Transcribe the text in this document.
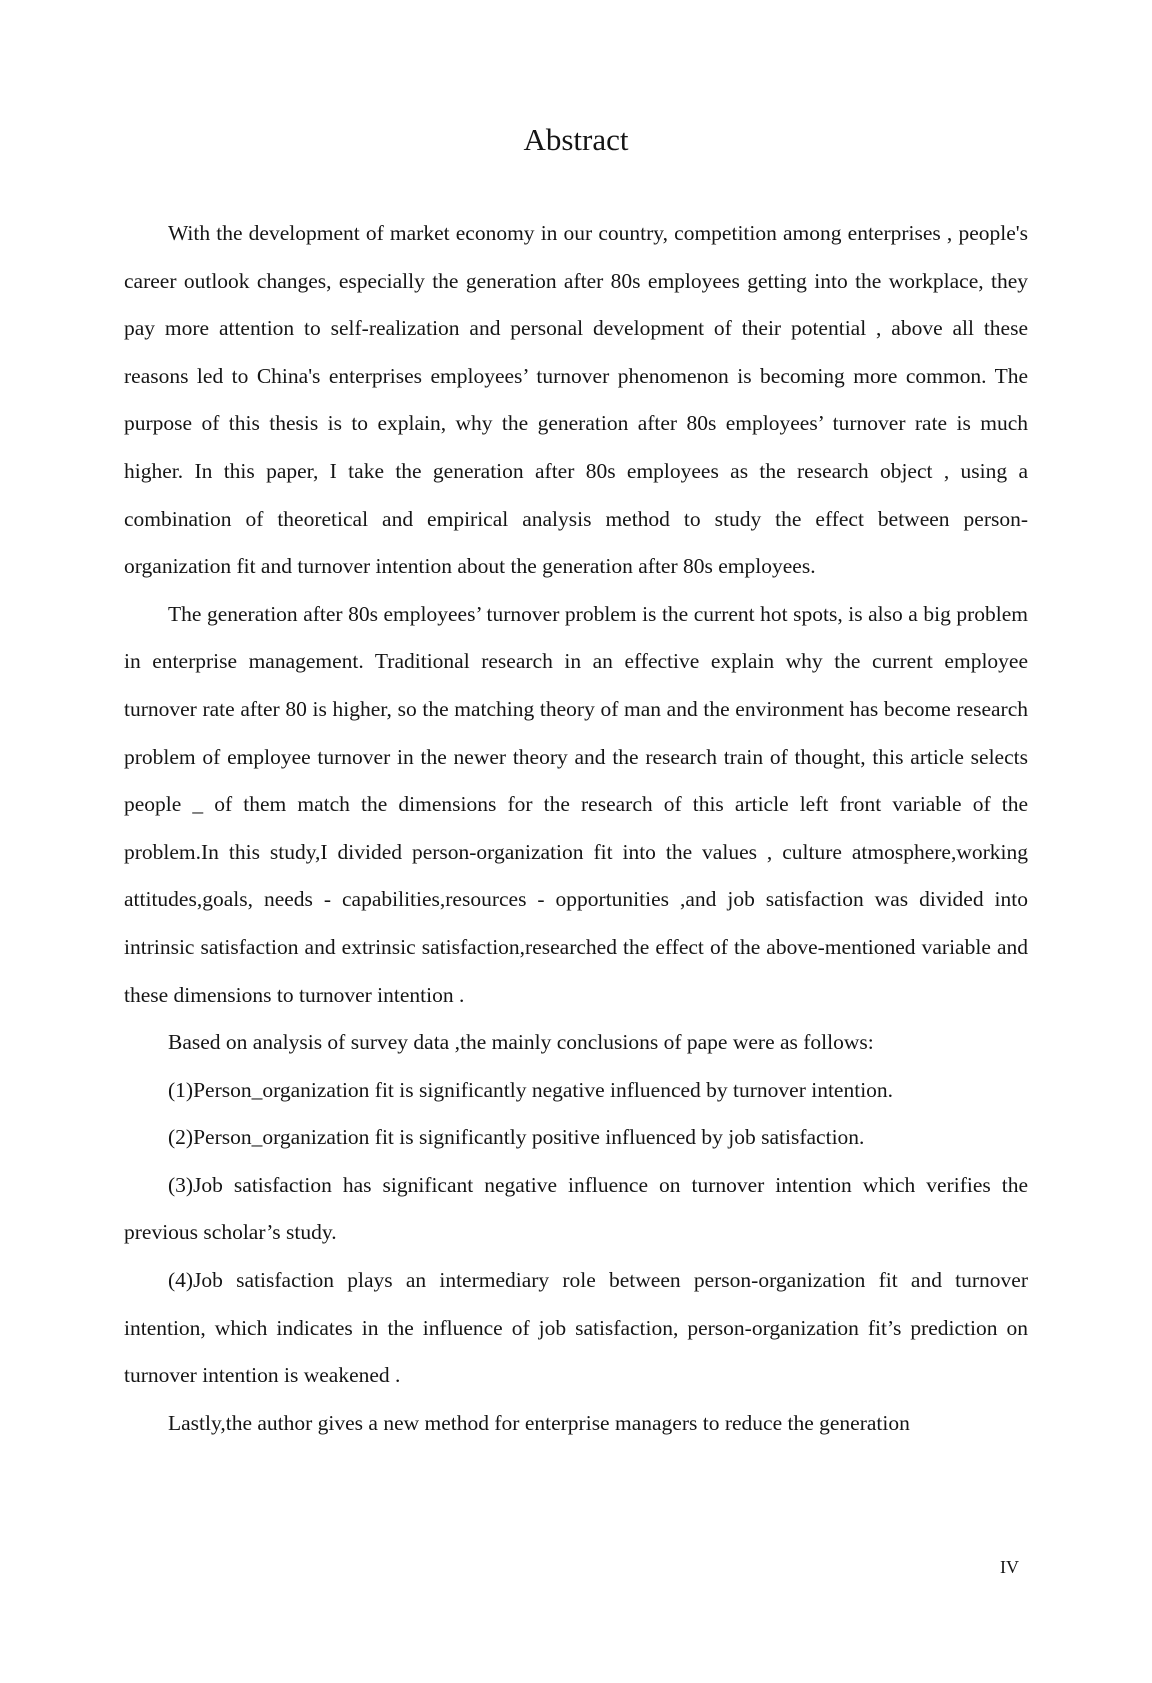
Abstract

With the development of market economy in our country, competition among enterprises , people's career outlook changes, especially the generation after 80s employees getting into the workplace, they pay more attention to self-realization and personal development of their potential , above all these reasons led to China's enterprises employees’ turnover phenomenon is becoming more common. The purpose of this thesis is to explain, why the generation after 80s employees’ turnover rate is much higher. In this paper, I take the generation after 80s employees as the research object , using a combination of theoretical and empirical analysis method to study the effect between person-organization fit and turnover intention about the generation after 80s employees.

The generation after 80s employees’ turnover problem is the current hot spots, is also a big problem in enterprise management. Traditional research in an effective explain why the current employee turnover rate after 80 is higher, so the matching theory of man and the environment has become research problem of employee turnover in the newer theory and the research train of thought, this article selects people _ of them match the dimensions for the research of this article left front variable of the problem.In this study,I divided person-organization fit into the values , culture atmosphere,working attitudes,goals, needs - capabilities,resources - opportunities ,and job satisfaction was divided into intrinsic satisfaction and extrinsic satisfaction,researched the effect of the above-mentioned variable and these dimensions to turnover intention .

Based on analysis of survey data ,the mainly conclusions of pape were as follows:

(1)Person_organization fit is significantly negative influenced by turnover intention.

(2)Person_organization fit is significantly positive influenced by job satisfaction.

(3)Job satisfaction has significant negative influence on turnover intention which verifies the previous scholar’s study.

(4)Job satisfaction plays an intermediary role between person-organization fit and turnover intention, which indicates in the influence of job satisfaction, person-organization fit’s prediction on turnover intention is weakened .

Lastly,the author gives a new method for enterprise managers to reduce the generation

IV
